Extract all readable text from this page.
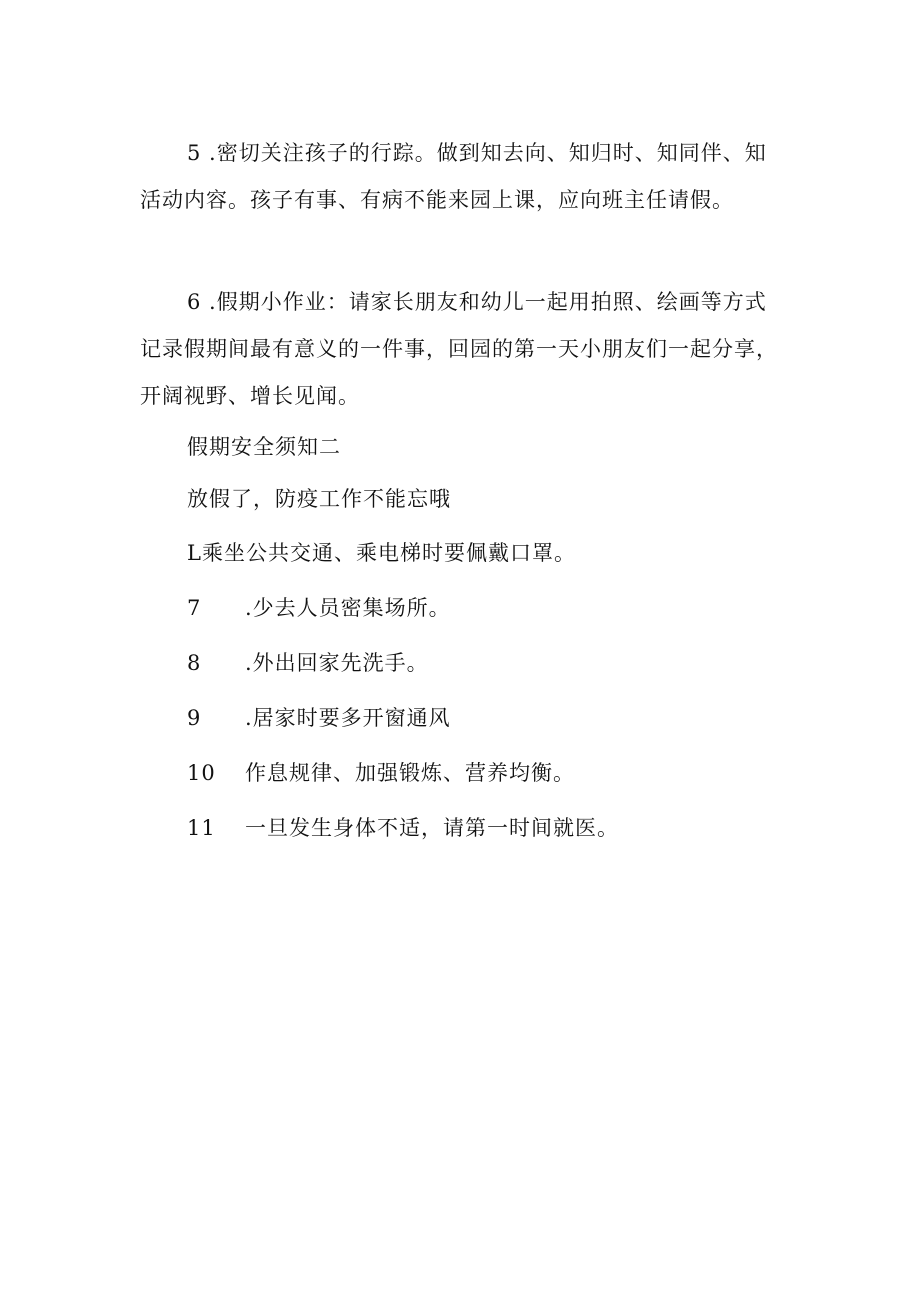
5 .密切关注孩子的行踪。做到知去向、知归时、知同伴、知活动内容。孩子有事、有病不能来园上课，应向班主任请假。

6 .假期小作业：请家长朋友和幼儿一起用拍照、绘画等方式记录假期间最有意义的一件事，回园的第一天小朋友们一起分享，开阔视野、增长见闻。

假期安全须知二

放假了，防疫工作不能忘哦

L乘坐公共交通、乘电梯时要佩戴口罩。

7 .少去人员密集场所。

8 .外出回家先洗手。

9 .居家时要多开窗通风

10 作息规律、加强锻炼、营养均衡。

11 一旦发生身体不适，请第一时间就医。
